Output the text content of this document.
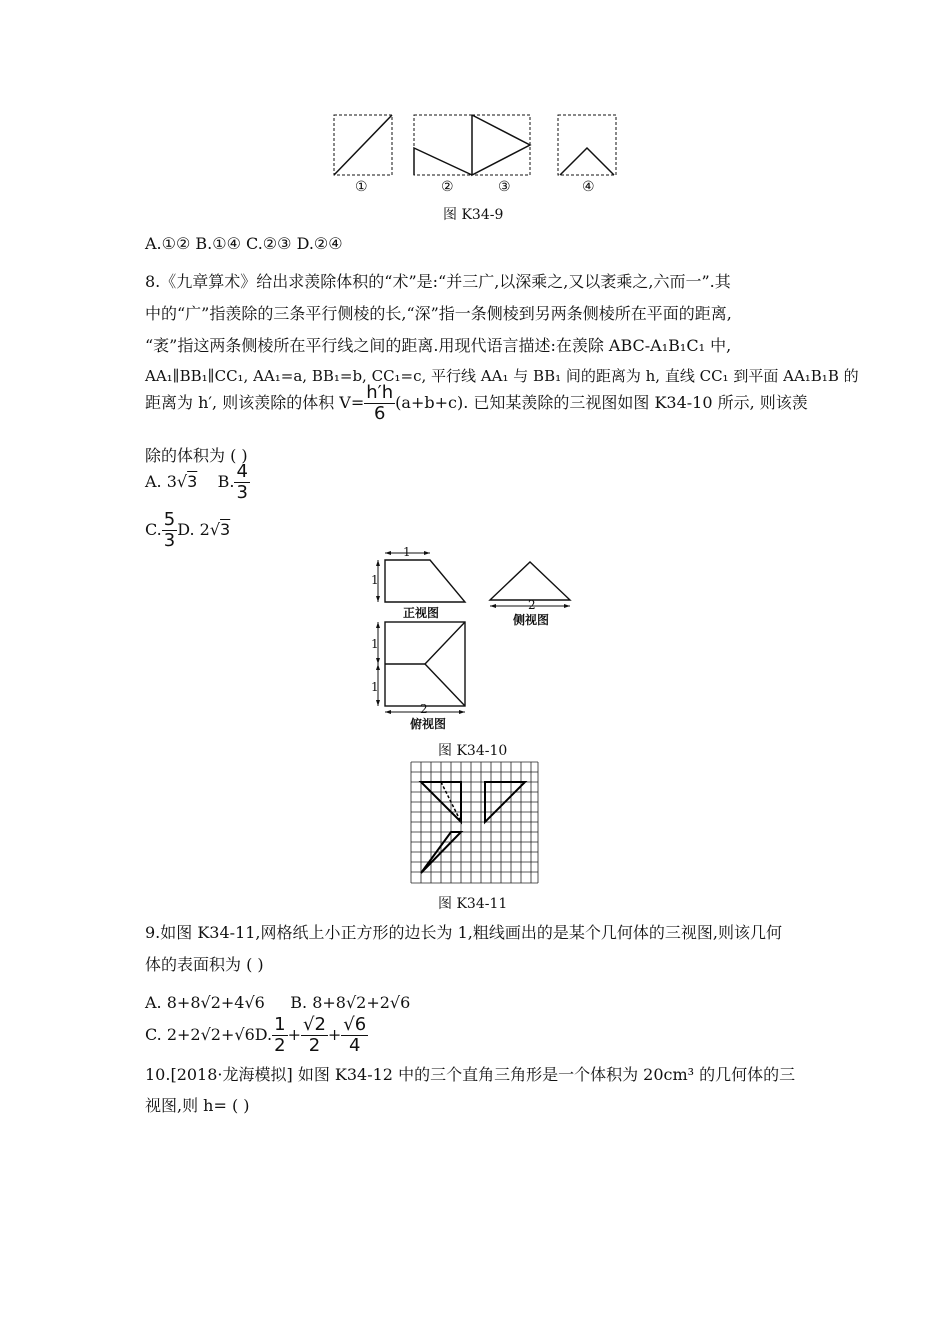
①	②	③	④
图 K34-9
A.①② B.①④ C.②③ D.②④
8.《九章算术》给出求羡除体积的“术”是:“并三广,以深乘之,又以袤乘之,六而一”.其
中的“广”指羡除的三条平行侧棱的长,“深”指一条侧棱到另两条侧棱所在平面的距离,
“袤”指这两条侧棱所在平行线之间的距离.用现代语言描述:在羡除 ABC-A₁B₁C₁ 中,
AA₁∥BB₁∥CC₁, AA₁=a, BB₁=b, CC₁=c, 平行线 AA₁ 与 BB₁ 间的距离为 h, 直线 CC₁ 到平面 AA₁B₁B 的
距离为 h′, 则该羡除的体积 $V= \frac{h'h}{6} (a+b+c)$. 已知某羡除的三视图如图 K34-10 所示, 则该羡
除的体积为 ( )
A. 3√3 B. $\frac{4}{3}$
C. $\frac{5}{3} D$. 2√3
1
1
正视图
2
侧视图
1
1
2
俯视图
图 K34-10
图 K34-11
9.如图 K34-11,网格纸上小正方形的边长为 1,粗线画出的是某个几何体的三视图,则该几何
体的表面积为 ( )
A. 8+8√2+4√6 B. 8+8√2+2√6
C. 2+2√2+√6D. $\frac{1}{2} + \frac{√2}{2} + \frac{√6}{4}$
10.[2018·龙海模拟] 如图 K34-12 中的三个直角三角形是一个体积为 20cm³ 的几何体的三
视图,则 h= ( )
